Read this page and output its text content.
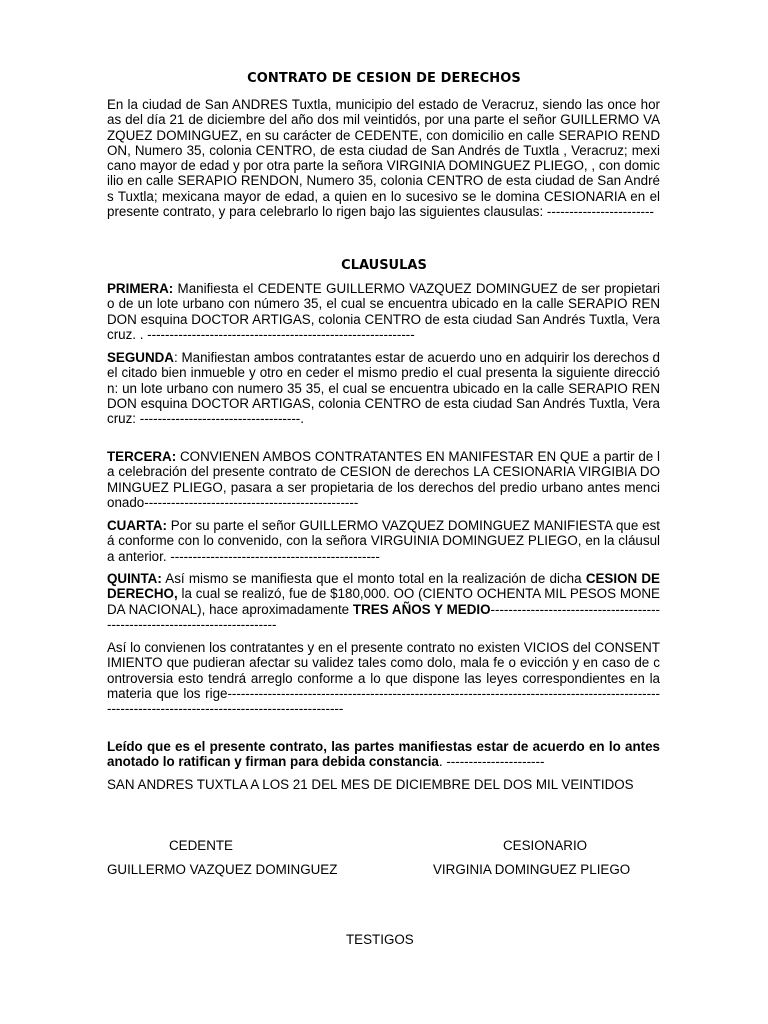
CONTRATO DE CESION DE DERECHOS
En la ciudad de San ANDRES Tuxtla, municipio del estado de Veracruz, siendo las once horas del día 21 de diciembre del año dos mil veintidós, por una parte el señor GUILLERMO VAZQUEZ DOMINGUEZ, en su carácter de CEDENTE, con domicilio en calle SERAPIO RENDON, Numero 35, colonia CENTRO, de esta ciudad de San Andrés de Tuxtla , Veracruz; mexicano mayor de edad y por otra parte la señora VIRGINIA DOMINGUEZ PLIEGO, , con domicilio en calle SERAPIO RENDON, Numero 35, colonia CENTRO de esta ciudad de San Andrés Tuxtla; mexicana mayor de edad, a quien en lo sucesivo se le domina CESIONARIA en el presente contrato, y para celebrarlo lo rigen bajo las siguientes clausulas: ------------------------
CLAUSULAS
PRIMERA: Manifiesta el CEDENTE GUILLERMO VAZQUEZ DOMINGUEZ de ser propietario de un lote urbano con número 35, el cual se encuentra ubicado en la calle SERAPIO RENDON esquina DOCTOR ARTIGAS, colonia CENTRO de esta ciudad San Andrés Tuxtla, Veracruz. . ------------------------------------------------------------
SEGUNDA: Manifiestan ambos contratantes estar de acuerdo uno en adquirir los derechos del citado bien inmueble y otro en ceder el mismo predio el cual presenta la siguiente dirección: un lote urbano con numero 35 35, el cual se encuentra ubicado en la calle SERAPIO RENDON esquina DOCTOR ARTIGAS, colonia CENTRO de esta ciudad San Andrés Tuxtla, Veracruz: ------------------------------------.
TERCERA: CONVIENEN AMBOS CONTRATANTES EN MANIFESTAR EN QUE a partir de la celebración del presente contrato de CESION de derechos LA CESIONARIA VIRGIBIA DOMINGUEZ PLIEGO, pasara a ser propietaria de los derechos del predio urbano antes mencionado------------------------------------------------
CUARTA: Por su parte el señor GUILLERMO VAZQUEZ DOMINGUEZ MANIFIESTA que está conforme con lo convenido, con la señora VIRGUINIA DOMINGUEZ PLIEGO, en la cláusula anterior. -----------------------------------------------
QUINTA: Así mismo se manifiesta que el monto total en la realización de dicha CESION DE DERECHO, la cual se realizó, fue de $180,000. OO (CIENTO OCHENTA MIL PESOS MONEDA NACIONAL), hace aproximadamente TRES AÑOS Y MEDIO----------------------------------------------------------------------------
Así lo convienen los contratantes y en el presente contrato no existen VICIOS del CONSENTIMIENTO que pudieran afectar su validez tales como dolo, mala fe o evicción y en caso de controversia esto tendrá arreglo conforme a lo que dispone las leyes correspondientes en la materia que los rige------------------------------------------------------------------------------------------------------------------------------------------------------
Leído que es el presente contrato, las partes manifiestas estar de acuerdo en lo antes anotado lo ratifican y firman para debida constancia. ----------------------
SAN ANDRES TUXTLA A LOS 21 DEL MES DE DICIEMBRE DEL DOS MIL VEINTIDOS
CEDENTE	CESIONARIO
GUILLERMO VAZQUEZ DOMINGUEZ	VIRGINIA DOMINGUEZ PLIEGO
TESTIGOS
